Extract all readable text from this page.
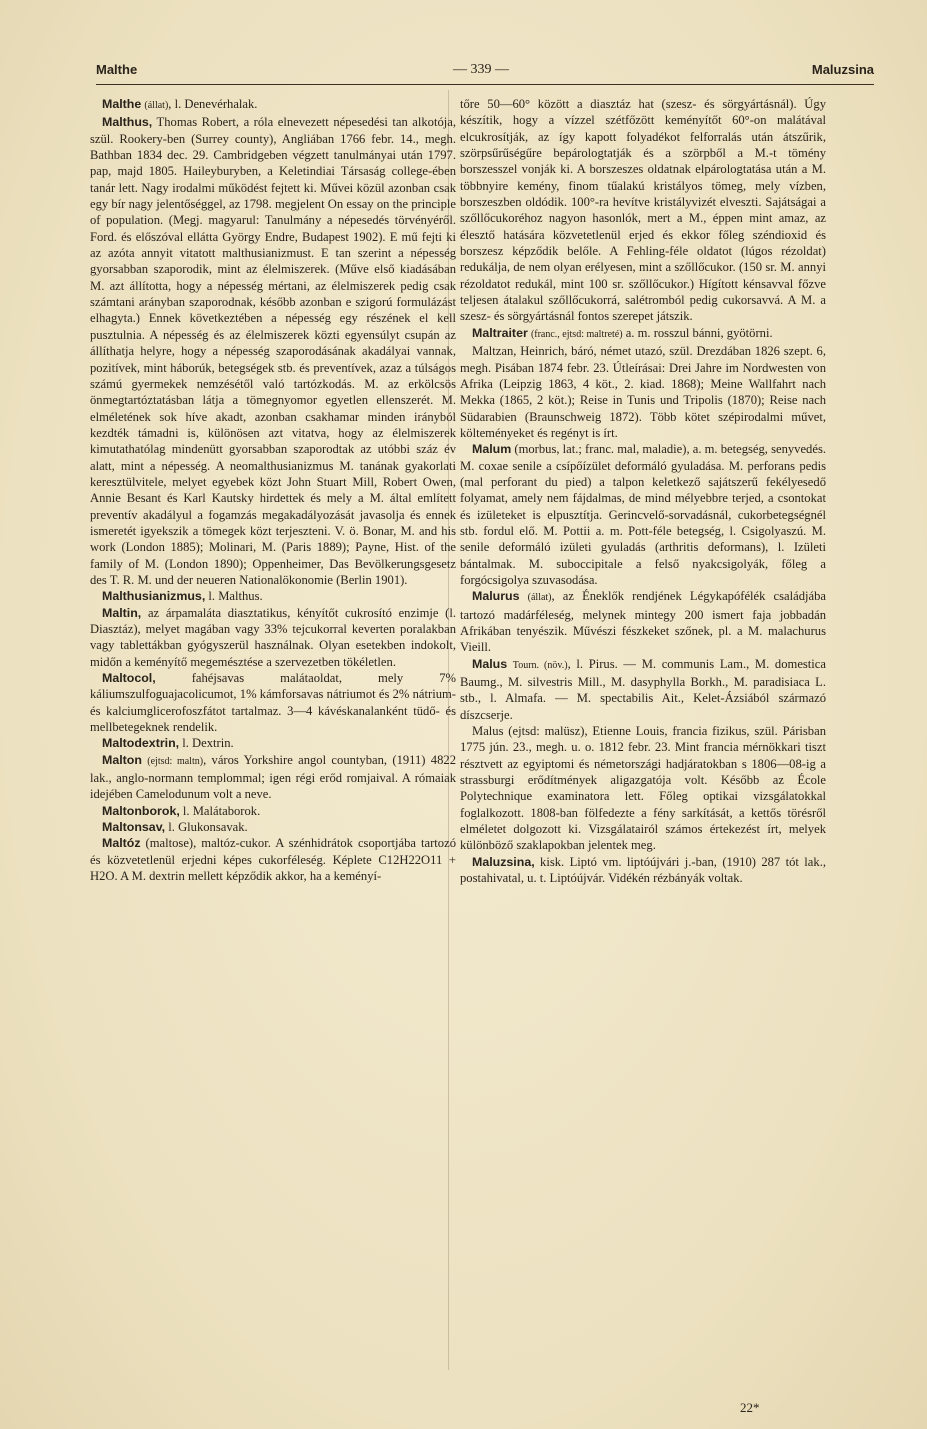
Malthe	— 339 —	Maluzsina

Malthe (állat), l. Denevérhalak.

Malthus, Thomas Robert, a róla elnevezett népesedési tan alkotója, szül. Rookery-ben (Surrey county), Angliában 1766 febr. 14., megh. Bathban 1834 dec. 29. Cambridgeben végzett tanulmányai után 1797. pap, majd 1805. Haileyburyben, a Keletindiai Társaság college-ében tanár lett. Nagy irodalmi működést fejtett ki. Művei közül azonban csak egy bír nagy jelentőséggel, az 1798. megjelent On essay on the principle of population. (Megj. magyarul: Tanulmány a népesedés törvényéről. Ford. és előszóval ellátta György Endre, Budapest 1902). E mű fejti ki az azóta annyit vitatott malthusianizmust. E tan szerint a népesség gyorsabban szaporodik, mint az élelmiszerek. (Műve első kiadásában M. azt állította, hogy a népesség mértani, az élelmiszerek pedig csak számtani arányban szaporodnak, később azonban e szigorú formulázást elhagyta.) Ennek következtében a népesség egy részének el kell pusztulnia. A népesség és az élelmiszerek közti egyensúlyt csupán az állíthatja helyre, hogy a népesség szaporodásának akadályai vannak, pozitívek, mint háborúk, betegségek stb. és preventívek, azaz a túlságos számú gyermekek nemzésétől való tartózkodás. M. az erkölcsös önmegtartóztatásban látja a tömegnyomor egyetlen ellenszerét. M. elméletének sok híve akadt, azonban csakhamar minden irányból kezdték támadni is, különösen azt vitatva, hogy az élelmiszerek kimutathatólag mindenütt gyorsabban szaporodtak az utóbbi száz év alatt, mint a népesség. A neomalthusianizmus M. tanának gyakorlati keresztülvitele, melyet egyebek közt John Stuart Mill, Robert Owen, Annie Besant és Karl Kautsky hirdettek és mely a M. által említett preventív akadályul a fogamzás megakadályozását javasolja és ennek ismeretét igyekszik a tömegek közt terjeszteni. V. ö. Bonar, M. and his work (London 1885); Molinari, M. (Paris 1889); Payne, Hist. of the family of M. (London 1890); Oppenheimer, Das Bevölkerungsgesetz des T. R. M. und der neueren Nationalökonomie (Berlin 1901).

Malthusianizmus, l. Malthus.

Maltin, az árpamaláta diasztatikus, kényítőt cukrosító enzimje (l. Diasztáz), melyet magában vagy 33% tejcukorral keverten poralakban vagy tablettákban gyógyszerül használnak. Olyan esetekben indokolt, midőn a keményítő megemésztése a szervezetben tökéletlen.

Maltocol, fahéjsavas malátaoldat, mely 7% káliumszulfoguajacolicumot, 1% kámforsavas nátriumot és 2% nátrium- és kalciumglicerofoszfátot tartalmaz. 3—4 kávéskanalanként tüdő- és mellbetegeknek rendelik.

Maltodextrin, l. Dextrin.

Malton (ejtsd: maltn), város Yorkshire angol countyban, (1911) 4822 lak., anglo-normann templommal; igen régi erőd romjaival. A rómaiak idejében Camelodunum volt a neve.

Maltonborok, l. Malátaborok.

Maltonsav, l. Glukonsavak.

Maltóz (maltose), maltóz-cukor. A szénhidrátok csoportjába tartozó és közvetetlenül erjedni képes cukorféleség. Képlete C12H22O11 + H2O. A M. dextrin mellett képződik akkor, ha a keményí-

tőre 50—60° között a diasztáz hat (szesz- és sörgyártásnál). Úgy készítik, hogy a vízzel szétfőzött keményítőt 60°-on malátával elcukrosítják, az így kapott folyadékot felforralás után átszűrik, szörpsűrűségűre bepárologtatják és a szörpből a M.-t tömény borszesszel vonják ki. A borszeszes oldatnak elpárologtatása után a M. többnyire kemény, finom tűalakú kristályos tömeg, mely vízben, borszeszben oldódik. 100°-ra hevítve kristályvizét elveszti. Sajátságai a szőllőcukoréhoz nagyon hasonlók, mert a M., éppen mint amaz, az élesztő hatására közvetetlenül erjed és ekkor főleg széndioxid és borszesz képződik belőle. A Fehling-féle oldatot (lúgos rézoldat) redukálja, de nem olyan erélyesen, mint a szőllőcukor. (150 sr. M. annyi rézoldatot redukál, mint 100 sr. szőllőcukor.) Hígított kénsavval főzve teljesen átalakul szőllőcukorrá, salétromból pedig cukorsavvá. A M. a szesz- és sörgyártásnál fontos szerepet játszik.

Maltraiter (franc., ejtsd: maltreté) a. m. rosszul bánni, gyötörni.

Maltzan, Heinrich, báró, német utazó, szül. Drezdában 1826 szept. 6, megh. Pisában 1874 febr. 23. Útleírásai: Drei Jahre im Nordwesten von Afrika (Leipzig 1863, 4 köt., 2. kiad. 1868); Meine Wallfahrt nach Mekka (1865, 2 köt.); Reise in Tunis und Tripolis (1870); Reise nach Südarabien (Braunschweig 1872). Több kötet szépirodalmi művet, költeményeket és regényt is írt.

Malum (morbus, lat.; franc. mal, maladie), a. m. betegség, senyvedés. M. coxae senile a csípőízület deformáló gyuladása. M. perforans pedis (mal perforant du pied) a talpon keletkező sajátszerű fekélyesedő folyamat, amely nem fájdalmas, de mind mélyebbre terjed, a csontokat és izületeket is elpusztítja. Gerincvelő-sorvadásnál, cukorbetegségnél stb. fordul elő. M. Pottii a. m. Pott-féle betegség, l. Csigolyaszú. M. senile deformáló izületi gyuladás (arthritis deformans), l. Izületi bántalmak. M. suboccipitale a felső nyakcsigolyák, főleg a forgócsigolya szuvasodása.

Malurus (állat), az Éneklők rendjének Légykapófélék családjába tartozó madárféleség, melynek mintegy 200 ismert faja jobbadán Afrikában tenyészik. Művészi fészkeket szőnek, pl. a M. malachurus Vieill.

Malus Tourn. (növ.), l. Pirus. — M. communis Lam., M. domestica Baumg., M. silvestris Mill., M. dasyphylla Borkh., M. paradisiaca L. stb., l. Almafa. — M. spectabilis Ait., Kelet-Ázsiából származó díszcserje.

Malus (ejtsd: malüsz), Etienne Louis, francia fizikus, szül. Párisban 1775 jún. 23., megh. u. o. 1812 febr. 23. Mint francia mérnökkari tiszt résztvett az egyiptomi és németországi hadjáratokban s 1806—08-ig a strassburgi erődítmények aligazgatója volt. Később az École Polytechnique examinatora lett. Főleg optikai vizsgálatokkal foglalkozott. 1808-ban fölfedezte a fény sarkítását, a kettős törésről elméletet dolgozott ki. Vizsgálatairól számos értekezést írt, melyek különböző szaklapokban jelentek meg.

Maluzsina, kisk. Liptó vm. liptóújvári j.-ban, (1910) 287 tót lak., postahivatal, u. t. Liptóújvár. Vidékén rézbányák voltak.

22*
